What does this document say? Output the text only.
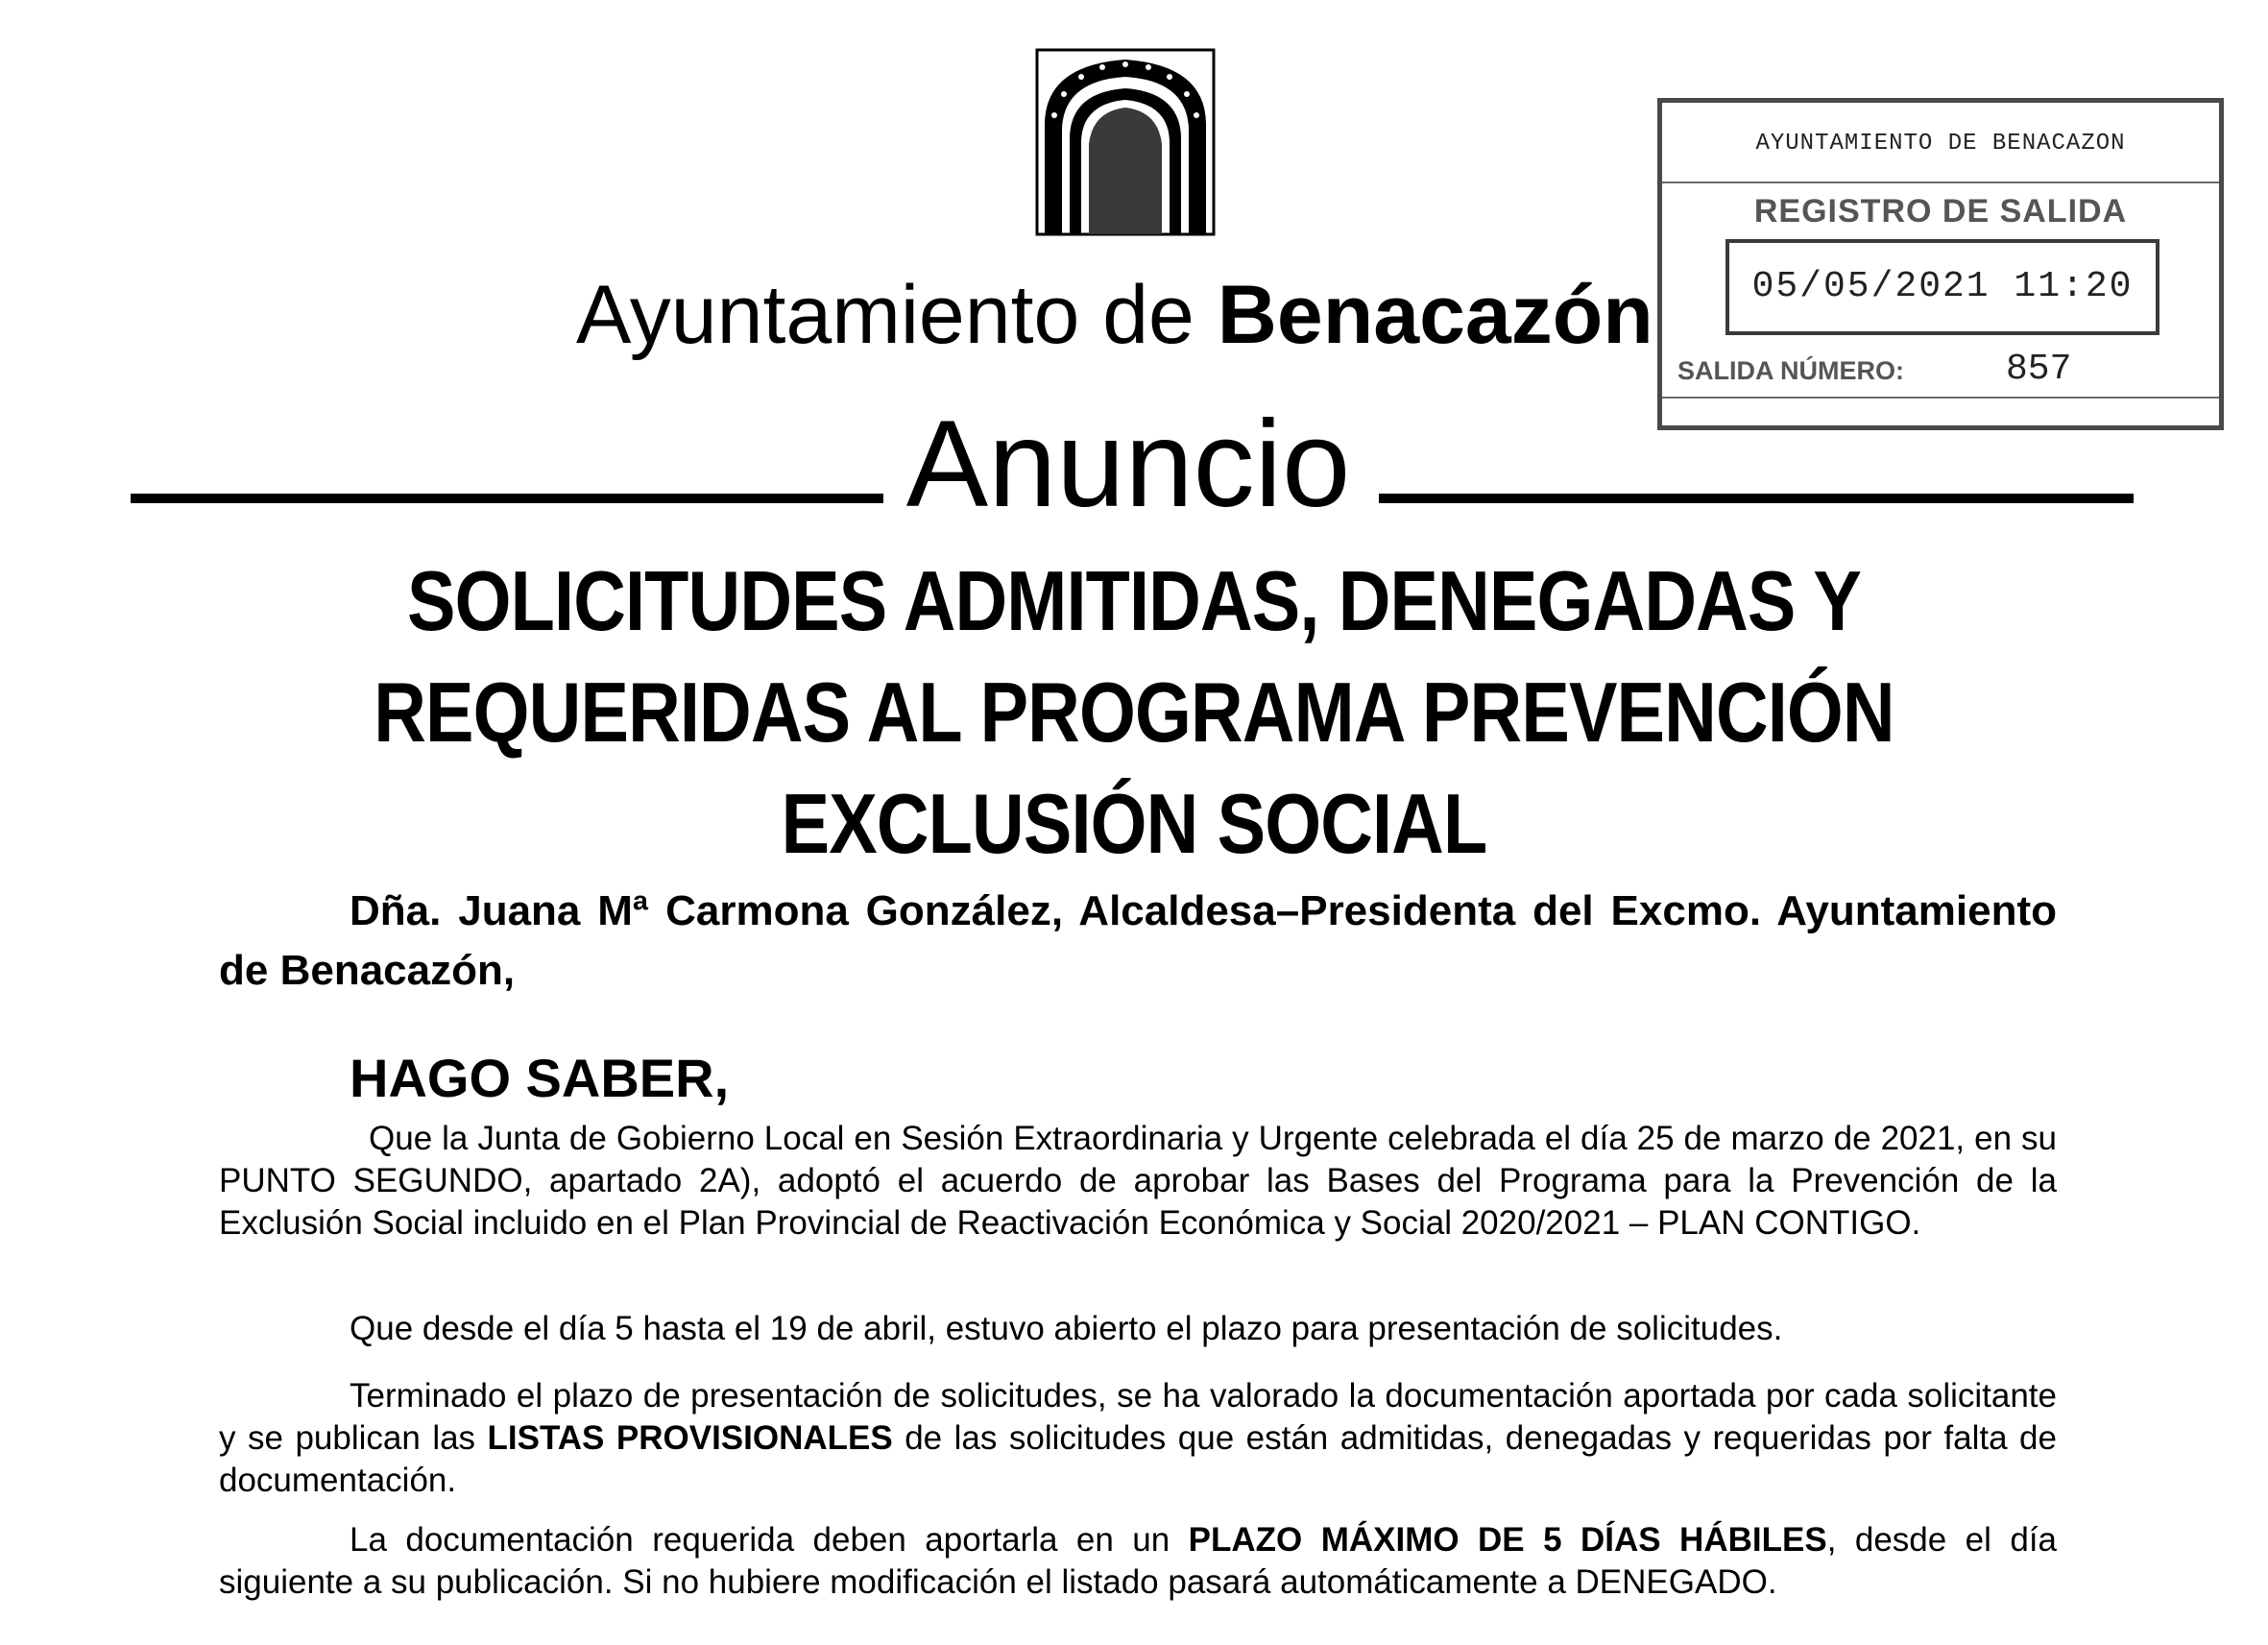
Ayuntamiento de Benacazón
AYUNTAMIENTO DE BENACAZON
REGISTRO DE SALIDA
05/05/2021 11:20
SALIDA NÚMERO:	857
Anuncio
SOLICITUDES ADMITIDAS, DENEGADAS Y
REQUERIDAS AL PROGRAMA PREVENCIÓN
EXCLUSIÓN SOCIAL

Dña. Juana Mª Carmona González, Alcaldesa–Presidenta del Excmo. Ayuntamiento de Benacazón,

HAGO SABER,

Que la Junta de Gobierno Local en Sesión Extraordinaria y Urgente celebrada el día 25 de marzo de 2021, en su PUNTO SEGUNDO, apartado 2A), adoptó el acuerdo de aprobar las Bases del Programa para la Prevención de la Exclusión Social incluido en el Plan Provincial de Reactivación Económica y Social 2020/2021 – PLAN CONTIGO.

Que desde el día 5 hasta el 19 de abril, estuvo abierto el plazo para presentación de solicitudes.

Terminado el plazo de presentación de solicitudes, se ha valorado la documentación aportada por cada solicitante y se publican las LISTAS PROVISIONALES de las solicitudes que están admitidas, denegadas y requeridas por falta de documentación.

La documentación requerida deben aportarla en un PLAZO MÁXIMO DE 5 DÍAS HÁBILES, desde el día siguiente a su publicación. Si no hubiere modificación el listado pasará automáticamente a DENEGADO.
